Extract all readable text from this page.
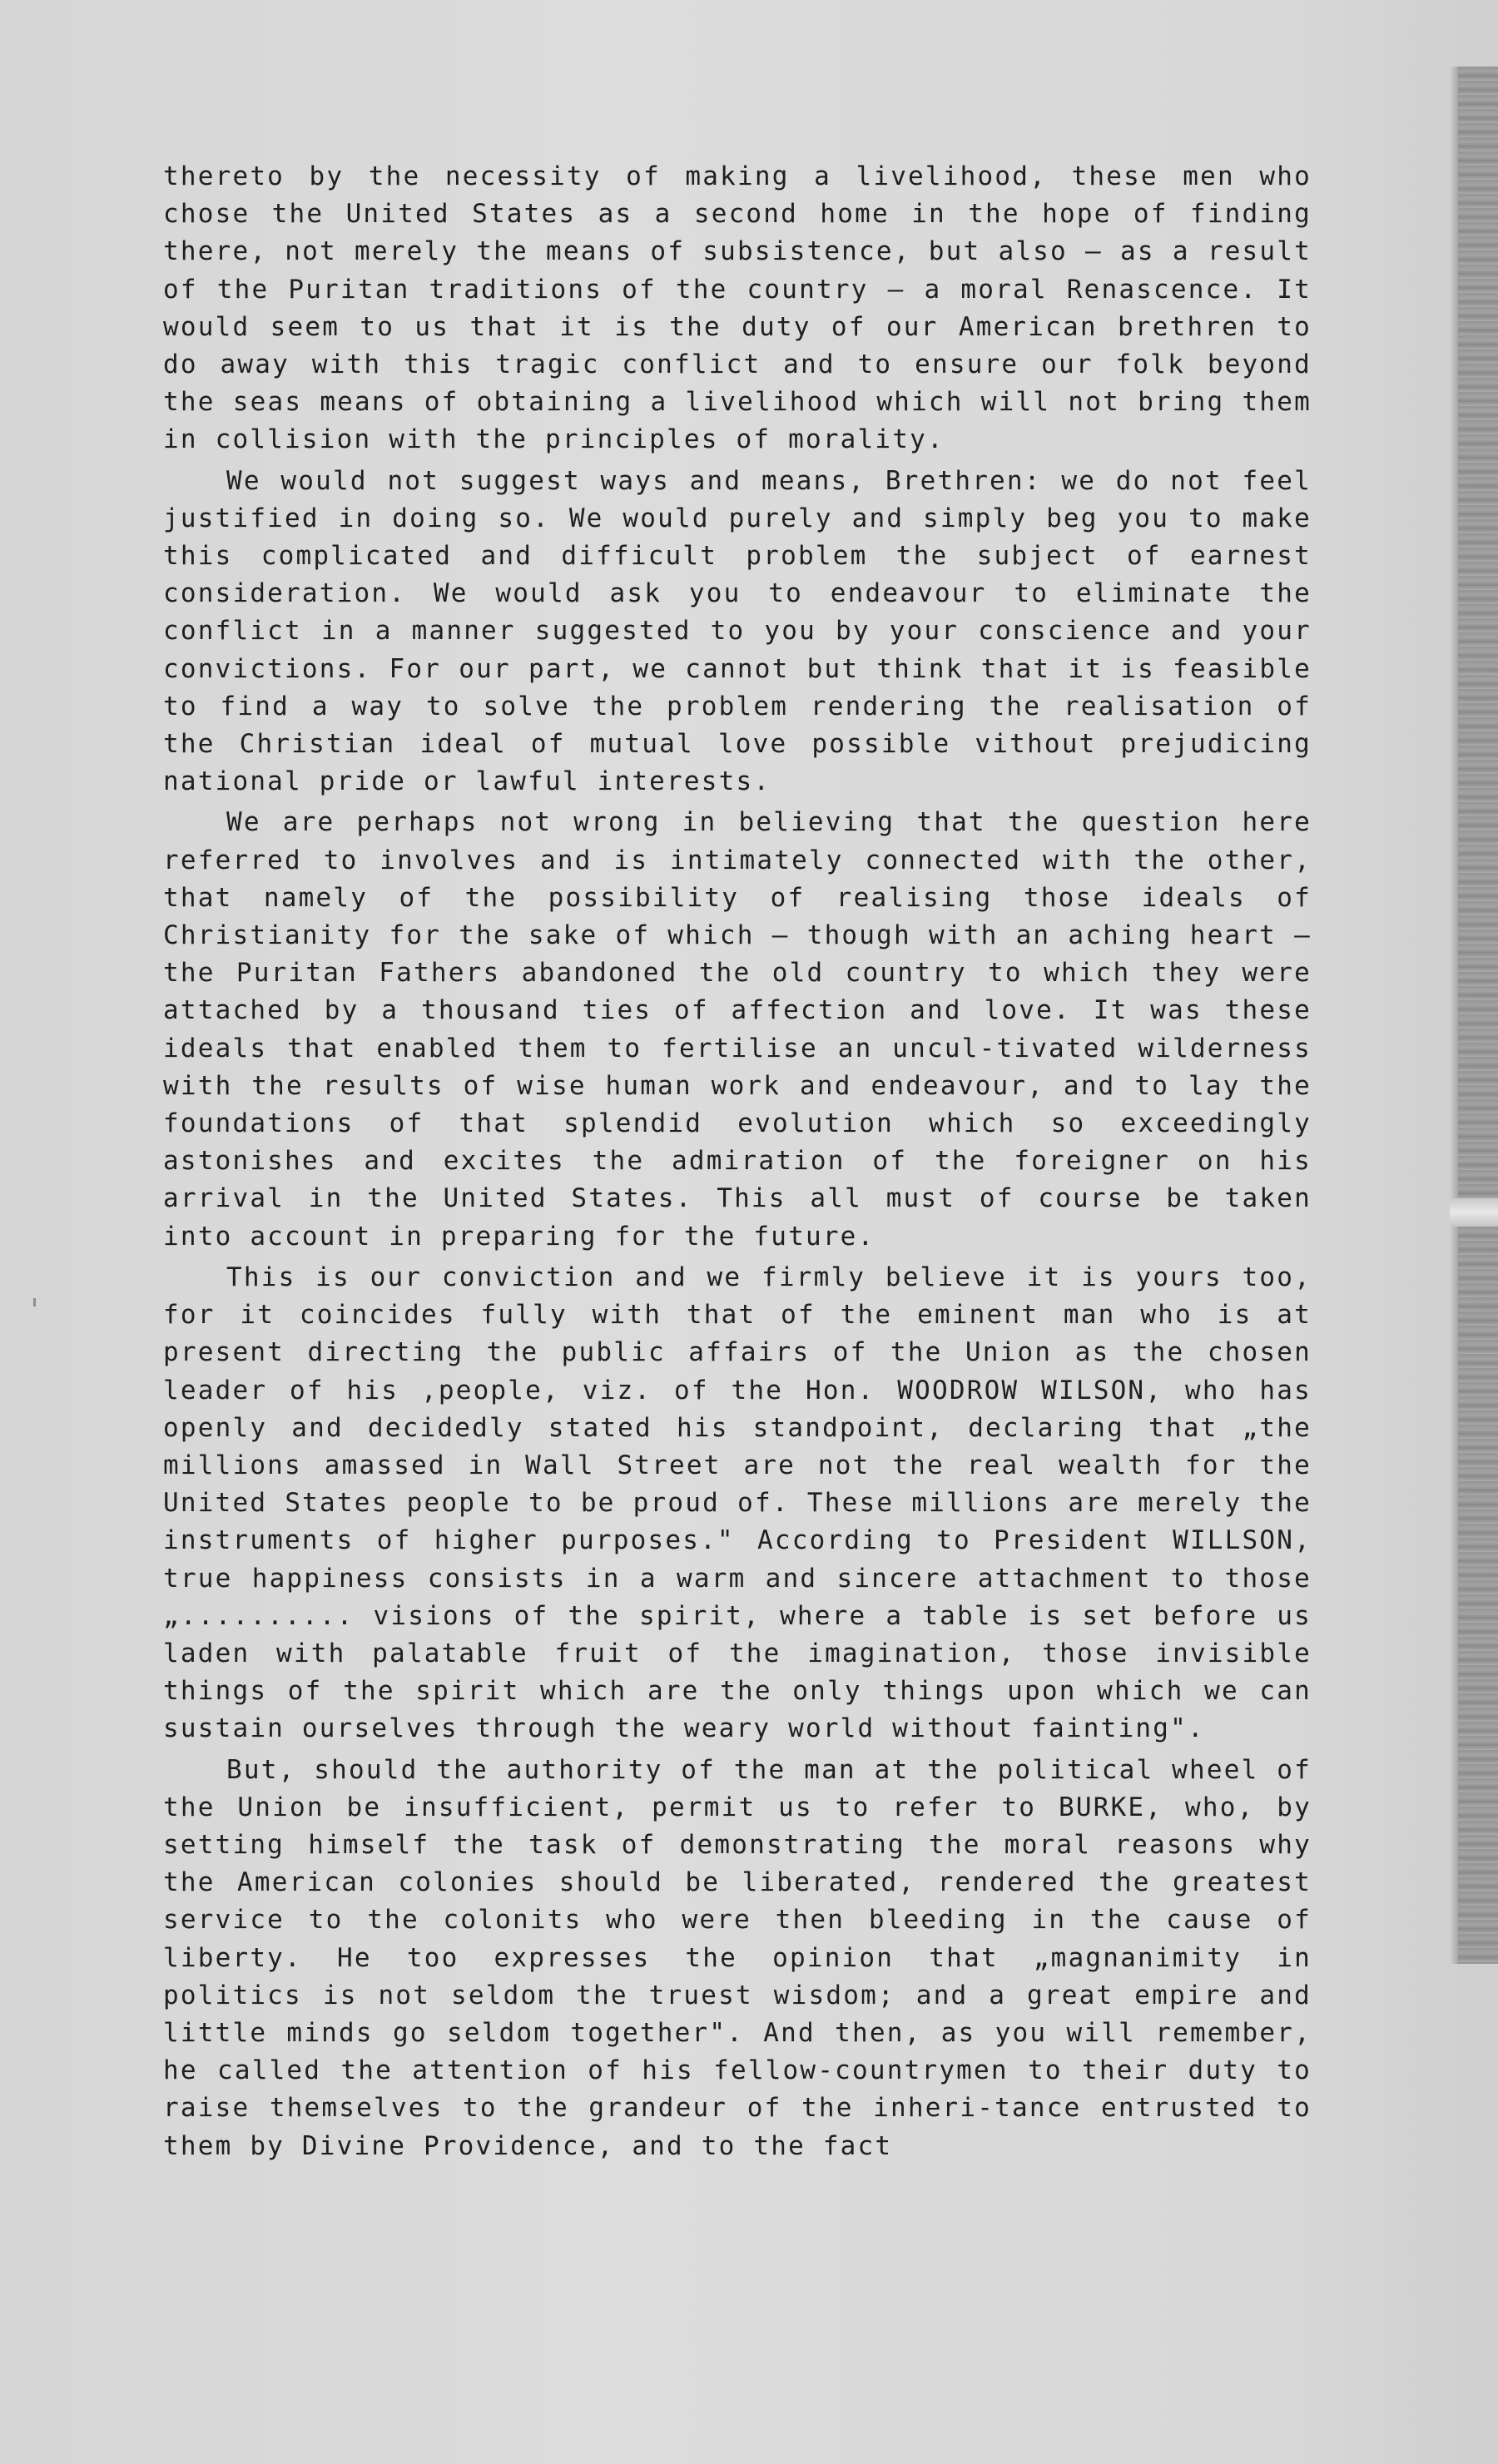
thereto by the necessity of making a livelihood, these men who chose the United States as a second home in the hope of finding there, not merely the means of subsistence, but also — as a result of the Puritan traditions of the country — a moral Renascence. It would seem to us that it is the duty of our American brethren to do away with this tragic conflict and to ensure our folk beyond the seas means of obtaining a livelihood which will not bring them in collision with the principles of morality.

We would not suggest ways and means, Brethren: we do not feel justified in doing so. We would purely and simply beg you to make this complicated and difficult problem the subject of earnest consideration. We would ask you to endeavour to eliminate the conflict in a manner suggested to you by your conscience and your convictions. For our part, we cannot but think that it is feasible to find a way to solve the problem rendering the realisation of the Christian ideal of mutual love possible vithout prejudicing national pride or lawful interests.

We are perhaps not wrong in believing that the question here referred to involves and is intimately connected with the other, that namely of the possibility of realising those ideals of Christianity for the sake of which — though with an aching heart — the Puritan Fathers abandoned the old country to which they were attached by a thousand ties of affection and love. It was these ideals that enabled them to fertilise an uncul-tivated wilderness with the results of wise human work and endeavour, and to lay the foundations of that splendid evolution which so exceedingly astonishes and excites the admiration of the foreigner on his arrival in the United States. This all must of course be taken into account in preparing for the future.

This is our conviction and we firmly believe it is yours too, for it coincides fully with that of the eminent man who is at present directing the public affairs of the Union as the chosen leader of his ,people, viz. of the Hon. WOODROW WILSON, who has openly and decidedly stated his standpoint, declaring that „the millions amassed in Wall Street are not the real wealth for the United States people to be proud of. These millions are merely the instruments of higher purposes." According to President WILLSON, true happiness consists in a warm and sincere attachment to those „.......... visions of the spirit, where a table is set before us laden with palatable fruit of the imagination, those invisible things of the spirit which are the only things upon which we can sustain ourselves through the weary world without fainting".

But, should the authority of the man at the political wheel of the Union be insufficient, permit us to refer to BURKE, who, by setting himself the task of demonstrating the moral reasons why the American colonies should be liberated, rendered the greatest service to the colonits who were then bleeding in the cause of liberty. He too expresses the opinion that „magnanimity in politics is not seldom the truest wisdom; and a great empire and little minds go seldom together". And then, as you will remember, he called the attention of his fellow-countrymen to their duty to raise themselves to the grandeur of the inheri-tance entrusted to them by Divine Providence, and to the fact
